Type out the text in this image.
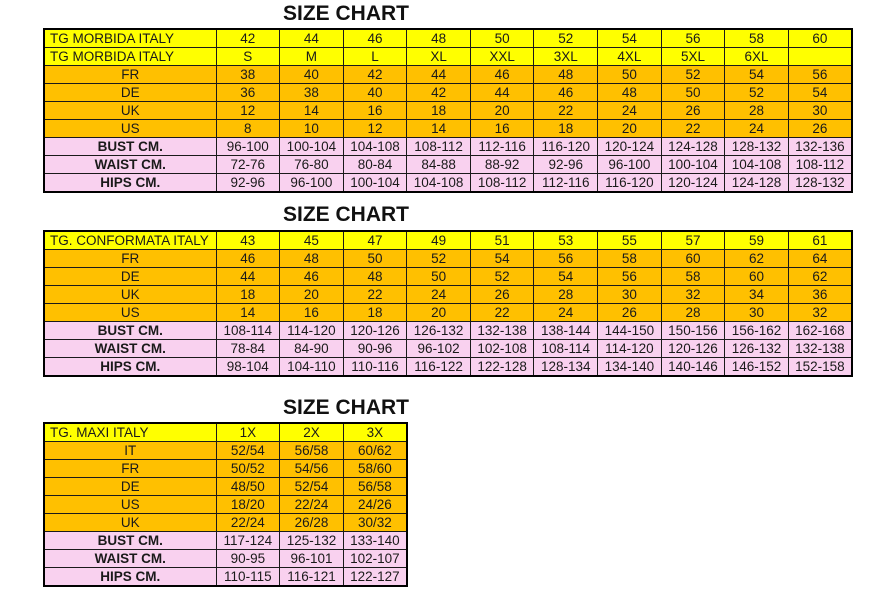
SIZE CHART
TG MORBIDA ITALY	42	44	46	48	50	52	54	56	58	60
TG MORBIDA ITALY	S	M	L	XL	XXL	3XL	4XL	5XL	6XL	
FR	38	40	42	44	46	48	50	52	54	56
DE	36	38	40	42	44	46	48	50	52	54
UK	12	14	16	18	20	22	24	26	28	30
US	8	10	12	14	16	18	20	22	24	26
BUST CM.	96-100	100-104	104-108	108-112	112-116	116-120	120-124	124-128	128-132	132-136
WAIST CM.	72-76	76-80	80-84	84-88	88-92	92-96	96-100	100-104	104-108	108-112
HIPS CM.	92-96	96-100	100-104	104-108	108-112	112-116	116-120	120-124	124-128	128-132
SIZE CHART
TG. CONFORMATA ITALY	43	45	47	49	51	53	55	57	59	61
FR	46	48	50	52	54	56	58	60	62	64
DE	44	46	48	50	52	54	56	58	60	62
UK	18	20	22	24	26	28	30	32	34	36
US	14	16	18	20	22	24	26	28	30	32
BUST CM.	108-114	114-120	120-126	126-132	132-138	138-144	144-150	150-156	156-162	162-168
WAIST CM.	78-84	84-90	90-96	96-102	102-108	108-114	114-120	120-126	126-132	132-138
HIPS CM.	98-104	104-110	110-116	116-122	122-128	128-134	134-140	140-146	146-152	152-158
SIZE CHART
TG. MAXI ITALY	1X	2X	3X
IT	52/54	56/58	60/62
FR	50/52	54/56	58/60
DE	48/50	52/54	56/58
US	18/20	22/24	24/26
UK	22/24	26/28	30/32
BUST CM.	117-124	125-132	133-140
WAIST CM.	90-95	96-101	102-107
HIPS CM.	110-115	116-121	122-127
